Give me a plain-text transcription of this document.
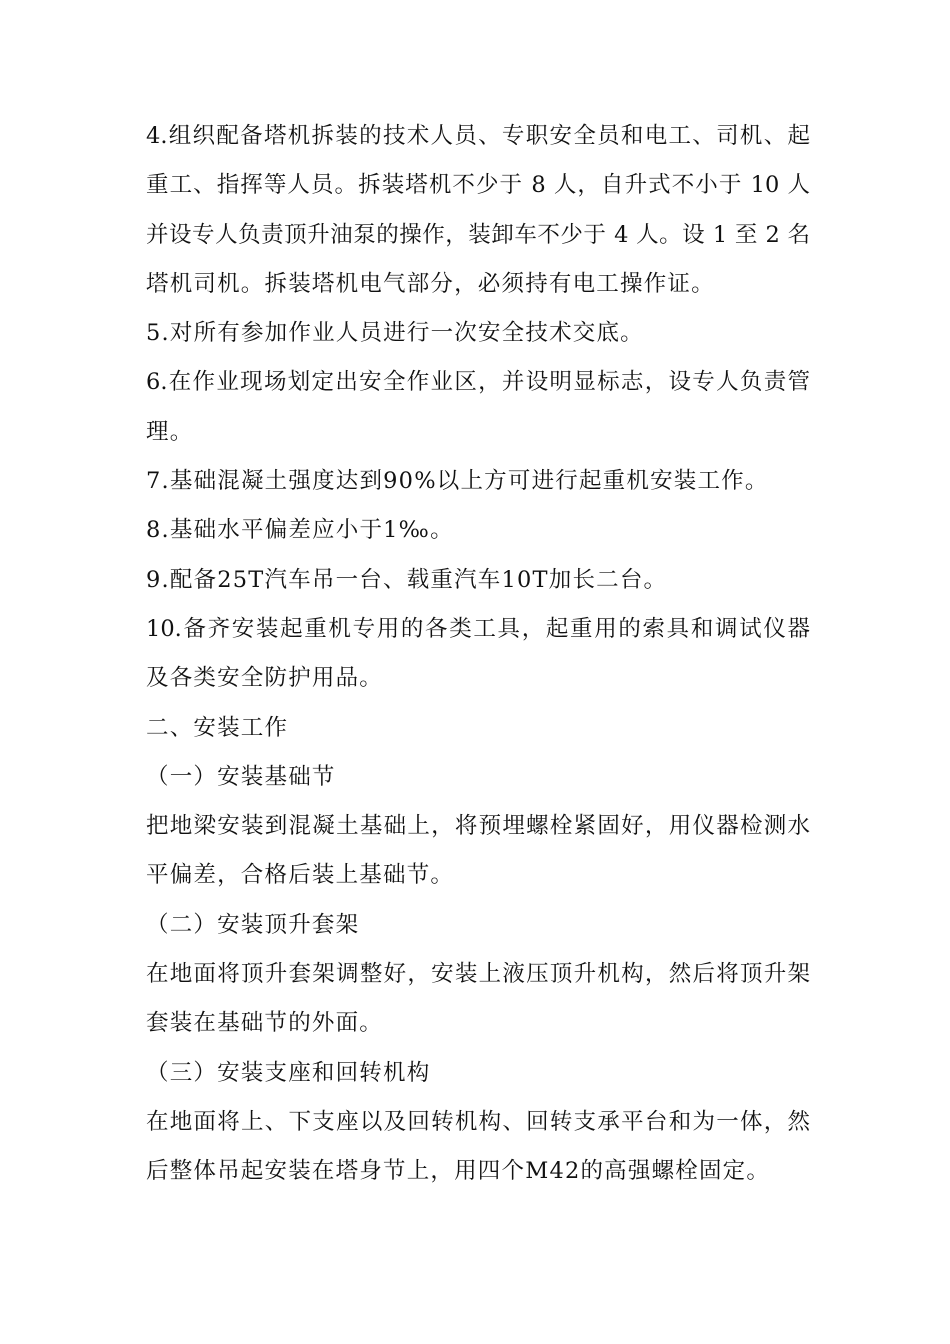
4.组织配备塔机拆装的技术人员、专职安全员和电工、司机、起
重工、指挥等人员。拆装塔机不少于 8 人，自升式不小于 10 人
并设专人负责顶升油泵的操作，装卸车不少于 4 人。设 1 至 2 名
塔机司机。拆装塔机电气部分，必须持有电工操作证。
5.对所有参加作业人员进行一次安全技术交底。
6.在作业现场划定出安全作业区，并设明显标志，设专人负责管
理。
7.基础混凝土强度达到90%以上方可进行起重机安装工作。
8.基础水平偏差应小于1‰。
9.配备25T汽车吊一台、载重汽车10T加长二台。
10.备齐安装起重机专用的各类工具，起重用的索具和调试仪器
及各类安全防护用品。
二、安装工作
（一）安装基础节
把地梁安装到混凝土基础上，将预埋螺栓紧固好，用仪器检测水
平偏差，合格后装上基础节。
（二）安装顶升套架
在地面将顶升套架调整好，安装上液压顶升机构，然后将顶升架
套装在基础节的外面。
（三）安装支座和回转机构
在地面将上、下支座以及回转机构、回转支承平台和为一体，然
后整体吊起安装在塔身节上，用四个M42的高强螺栓固定。
